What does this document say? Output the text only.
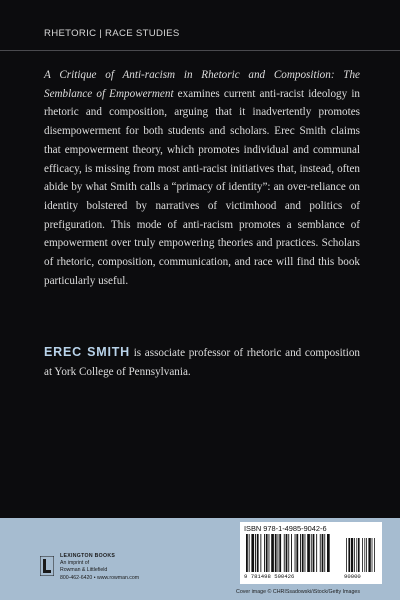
RHETORIC | RACE STUDIES

A Critique of Anti-racism in Rhetoric and Composition: The Semblance of Empowerment examines current anti-racist ideology in rhetoric and composition, arguing that it inadvertently promotes disempowerment for both students and scholars. Erec Smith claims that empowerment theory, which promotes individual and communal efficacy, is missing from most anti-racist initiatives that, instead, often abide by what Smith calls a “primacy of identity”: an over-reliance on identity bolstered by narratives of victimhood and politics of prefiguration. This mode of anti-racism promotes a semblance of empowerment over truly empowering theories and practices. Scholars of rhetoric, composition, communication, and race will find this book particularly useful.

EREC SMITH is associate professor of rhetoric and composition at York College of Pennsylvania.

LEXINGTON BOOKS
An imprint of
Rowman & Littlefield
800-462-6420 • www.rowman.com
ISBN 978-1-4985-9042-6
9 781498 590426	90000
Cover image © CHRISsadowski/iStock/Getty Images
